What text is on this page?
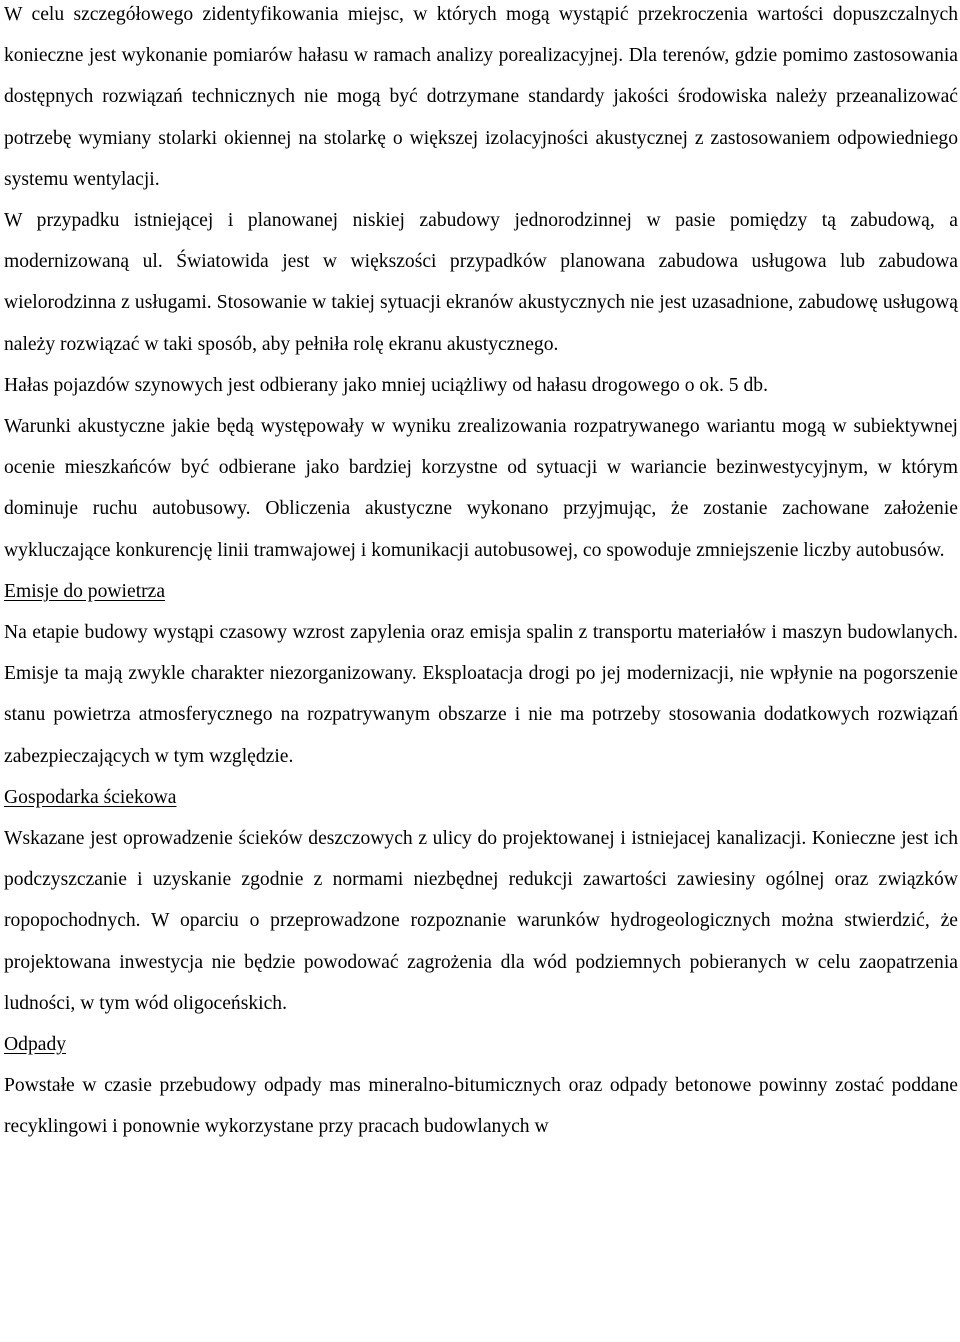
W celu szczegółowego zidentyfikowania miejsc, w których mogą wystąpić przekroczenia wartości dopuszczalnych konieczne jest wykonanie pomiarów hałasu w ramach analizy porealizacyjnej. Dla terenów, gdzie pomimo zastosowania dostępnych rozwiązań technicznych nie mogą być dotrzymane standardy jakości środowiska należy przeanalizować potrzebę wymiany stolarki okiennej na stolarkę o większej izolacyjności akustycznej z zastosowaniem odpowiedniego systemu wentylacji.

W przypadku istniejącej i planowanej niskiej zabudowy jednorodzinnej w pasie pomiędzy tą zabudową, a modernizowaną ul. Światowida jest w większości przypadków planowana zabudowa usługowa lub zabudowa wielorodzinna z usługami. Stosowanie w takiej sytuacji ekranów akustycznych nie jest uzasadnione, zabudowę usługową należy rozwiązać w taki sposób, aby pełniła rolę ekranu akustycznego.

Hałas pojazdów szynowych jest odbierany jako mniej uciążliwy od hałasu drogowego o ok. 5 db.

Warunki akustyczne jakie będą występowały w wyniku zrealizowania rozpatrywanego wariantu mogą w subiektywnej ocenie mieszkańców być odbierane jako bardziej korzystne od sytuacji w wariancie bezinwestycyjnym, w którym dominuje ruchu autobusowy. Obliczenia akustyczne wykonano przyjmując, że zostanie zachowane założenie wykluczające konkurencję linii tramwajowej i komunikacji autobusowej, co spowoduje zmniejszenie liczby autobusów.

Emisje do powietrza

Na etapie budowy wystąpi czasowy wzrost zapylenia oraz emisja spalin z transportu materiałów i maszyn budowlanych. Emisje ta mają zwykle charakter niezorganizowany. Eksploatacja drogi po jej modernizacji, nie wpłynie na pogorszenie stanu powietrza atmosferycznego na rozpatrywanym obszarze i nie ma potrzeby stosowania dodatkowych rozwiązań zabezpieczających w tym względzie.

Gospodarka ściekowa

Wskazane jest oprowadzenie ścieków deszczowych z ulicy do projektowanej i istniejacej kanalizacji. Konieczne jest ich podczyszczanie i uzyskanie zgodnie z normami niezbędnej redukcji zawartości zawiesiny ogólnej oraz związków ropopochodnych. W oparciu o przeprowadzone rozpoznanie warunków hydrogeologicznych można stwierdzić, że projektowana inwestycja nie będzie powodować zagrożenia dla wód podziemnych pobieranych w celu zaopatrzenia ludności, w tym wód oligoceńskich.

Odpady

Powstałe w czasie przebudowy odpady mas mineralno-bitumicznych oraz odpady betonowe powinny zostać poddane recyklingowi i ponownie wykorzystane przy pracach budowlanych w
